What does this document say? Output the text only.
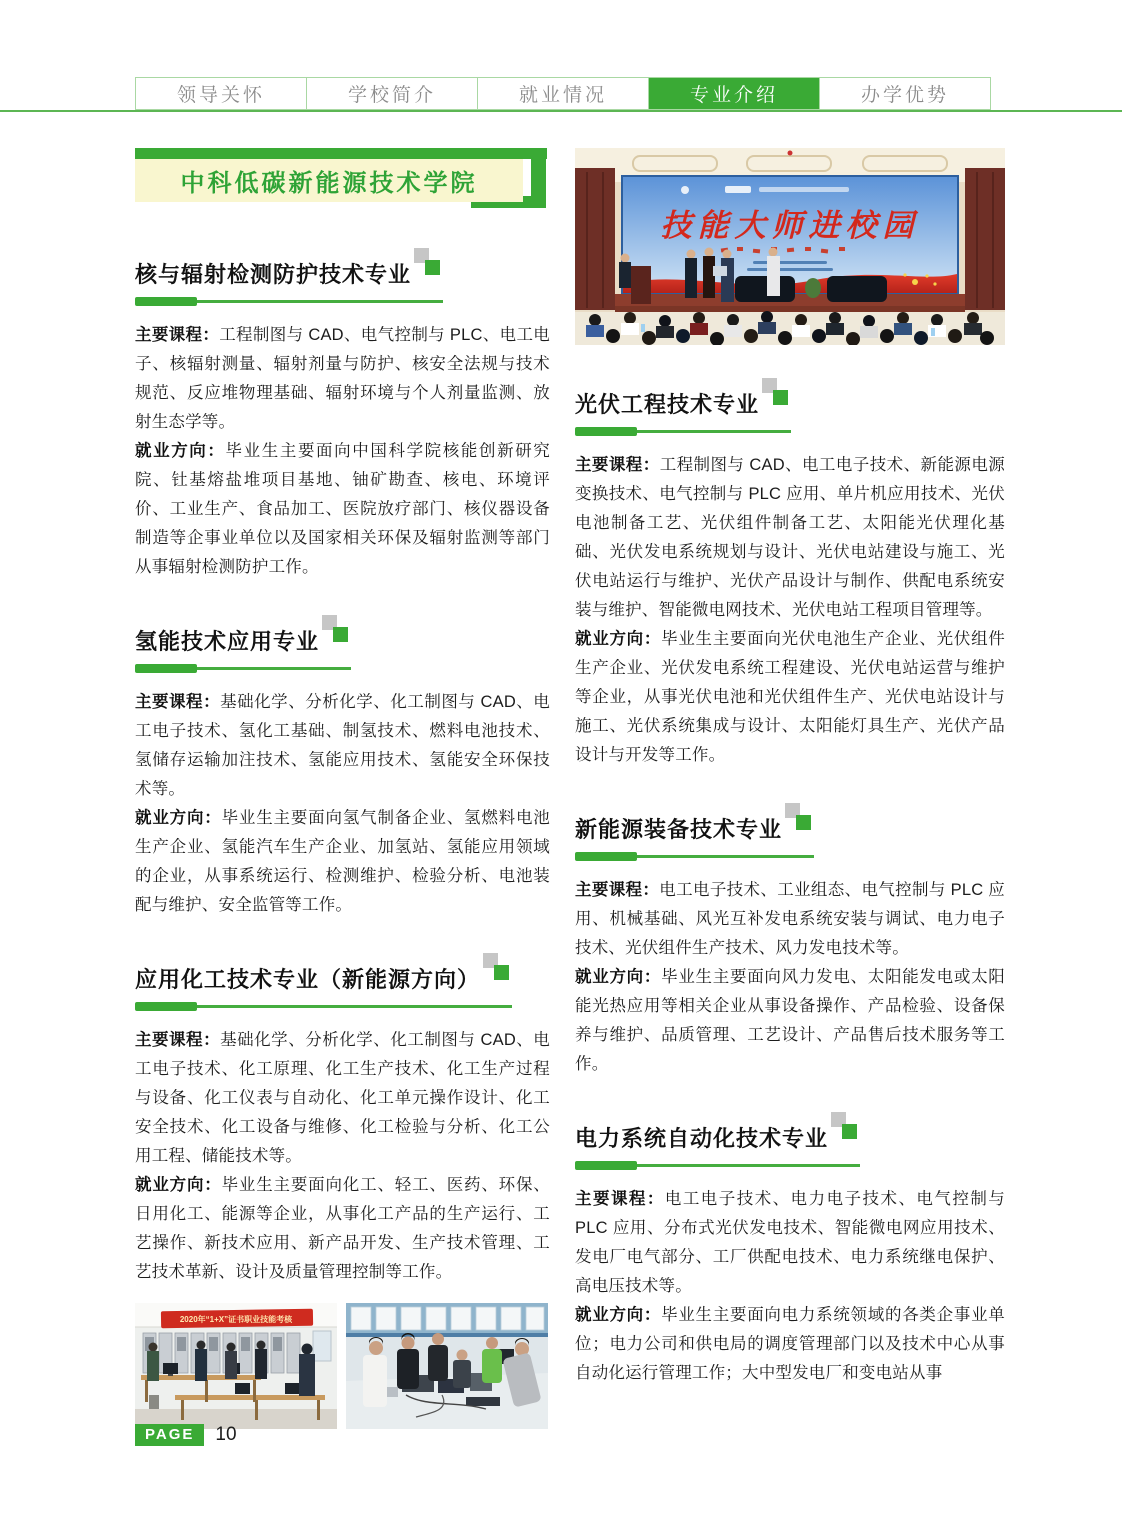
领导关怀	学校简介	就业情况	专业介绍	办学优势
中科低碳新能源技术学院
核与辐射检测防护技术专业

主要课程：工程制图与 CAD、电气控制与 PLC、电工电子、核辐射测量、辐射剂量与防护、核安全法规与技术规范、反应堆物理基础、辐射环境与个人剂量监测、放射生态学等。

就业方向：毕业生主要面向中国科学院核能创新研究院、钍基熔盐堆项目基地、铀矿勘查、核电、环境评价、工业生产、食品加工、医院放疗部门、核仪器设备制造等企事业单位以及国家相关环保及辐射监测等部门从事辐射检测防护工作。

氢能技术应用专业

主要课程：基础化学、分析化学、化工制图与 CAD、电工电子技术、氢化工基础、制氢技术、燃料电池技术、氢储存运输加注技术、氢能应用技术、氢能安全环保技术等。

就业方向：毕业生主要面向氢气制备企业、氢燃料电池生产企业、氢能汽车生产企业、加氢站、氢能应用领域的企业，从事系统运行、检测维护、检验分析、电池装配与维护、安全监管等工作。

应用化工技术专业（新能源方向）

主要课程：基础化学、分析化学、化工制图与 CAD、电工电子技术、化工原理、化工生产技术、化工生产过程与设备、化工仪表与自动化、化工单元操作设计、化工安全技术、化工设备与维修、化工检验与分析、化工公用工程、储能技术等。

就业方向：毕业生主要面向化工、轻工、医药、环保、日用化工、能源等企业，从事化工产品的生产运行、工艺操作、新技术应用、新产品开发、生产技术管理、工艺技术革新、设计及质量管理控制等工作。

2020年“1+X”证书职业技能考核
技能大师进校园
光伏工程技术专业

主要课程：工程制图与 CAD、电工电子技术、新能源电源变换技术、电气控制与 PLC 应用、单片机应用技术、光伏电池制备工艺、光伏组件制备工艺、太阳能光伏理化基础、光伏发电系统规划与设计、光伏电站建设与施工、光伏电站运行与维护、光伏产品设计与制作、供配电系统安装与维护、智能微电网技术、光伏电站工程项目管理等。

就业方向：毕业生主要面向光伏电池生产企业、光伏组件生产企业、光伏发电系统工程建设、光伏电站运营与维护等企业，从事光伏电池和光伏组件生产、光伏电站设计与施工、光伏系统集成与设计、太阳能灯具生产、光伏产品设计与开发等工作。

新能源装备技术专业

主要课程：电工电子技术、工业组态、电气控制与 PLC 应用、机械基础、风光互补发电系统安装与调试、电力电子技术、光伏组件生产技术、风力发电技术等。

就业方向：毕业生主要面向风力发电、太阳能发电或太阳能光热应用等相关企业从事设备操作、产品检验、设备保养与维护、品质管理、工艺设计、产品售后技术服务等工作。

电力系统自动化技术专业

主要课程：电工电子技术、电力电子技术、电气控制与 PLC 应用、分布式光伏发电技术、智能微电网应用技术、发电厂电气部分、工厂供配电技术、电力系统继电保护、高电压技术等。

就业方向：毕业生主要面向电力系统领域的各类企事业单位；电力公司和供电局的调度管理部门以及技术中心从事自动化运行管理工作；大中型发电厂和变电站从事

PAGE	10
